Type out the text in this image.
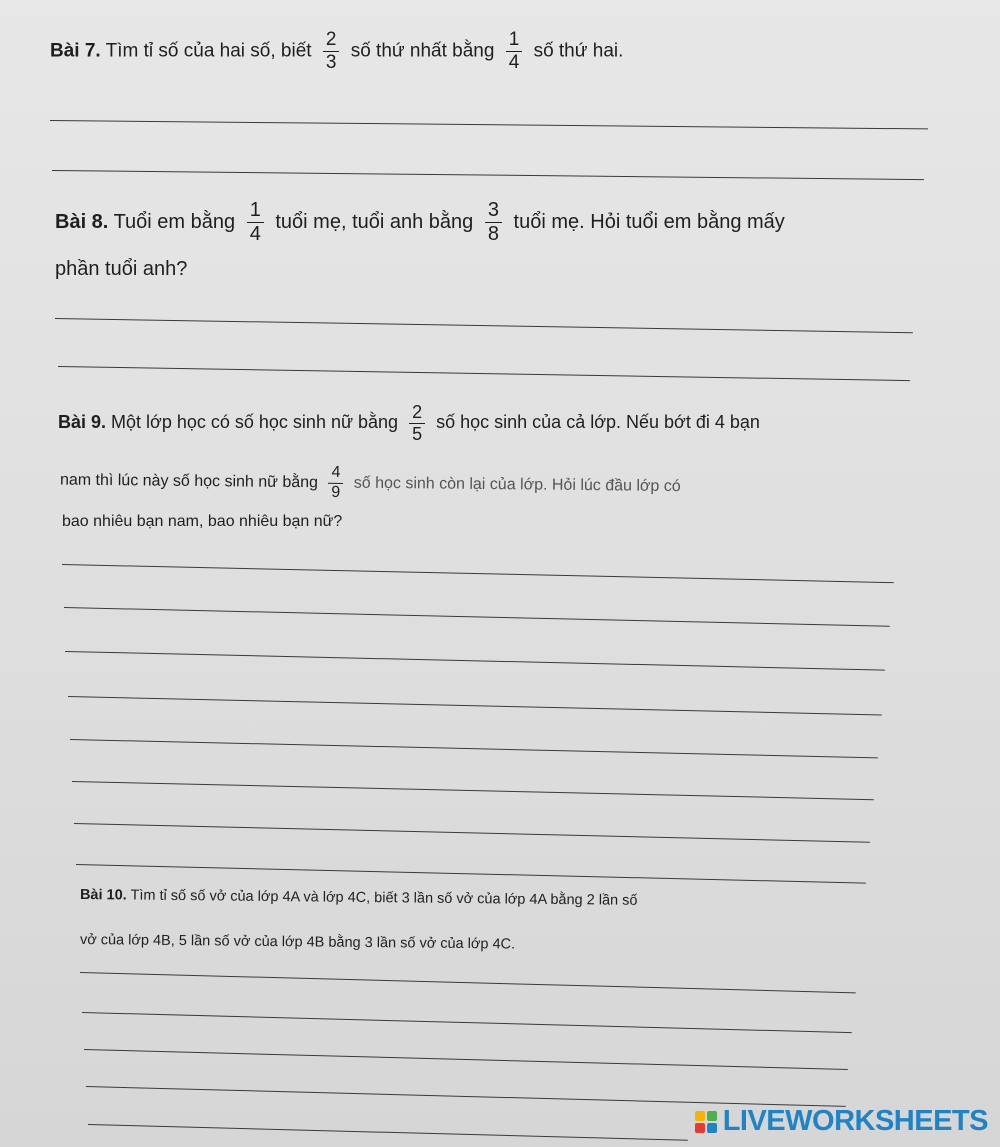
Bài 7. Tìm tỉ số của hai số, biết $\frac{2}{3}$ số thứ nhất bằng $\frac{1}{4}$ số thứ hai.

Bài 8. Tuổi em bằng $\frac{1}{4}$ tuổi mẹ, tuổi anh bằng $\frac{3}{8}$ tuổi mẹ. Hỏi tuổi em bằng mấy

phần tuổi anh?

Bài 9. Một lớp học có số học sinh nữ bằng $\frac{2}{5}$ số học sinh của cả lớp. Nếu bớt đi 4 bạn

nam thì lúc này số học sinh nữ bằng $\frac{4}{9}$ số học sinh còn lại của lớp. Hỏi lúc đầu lớp có

bao nhiêu bạn nam, bao nhiêu bạn nữ?

Bài 10. Tìm tỉ số số vở của lớp 4A và lớp 4C, biết 3 lần số vở của lớp 4A bằng 2 lần số

vở của lớp 4B, 5 lần số vở của lớp 4B bằng 3 lần số vở của lớp 4C.

LIVEWORKSHEETS
